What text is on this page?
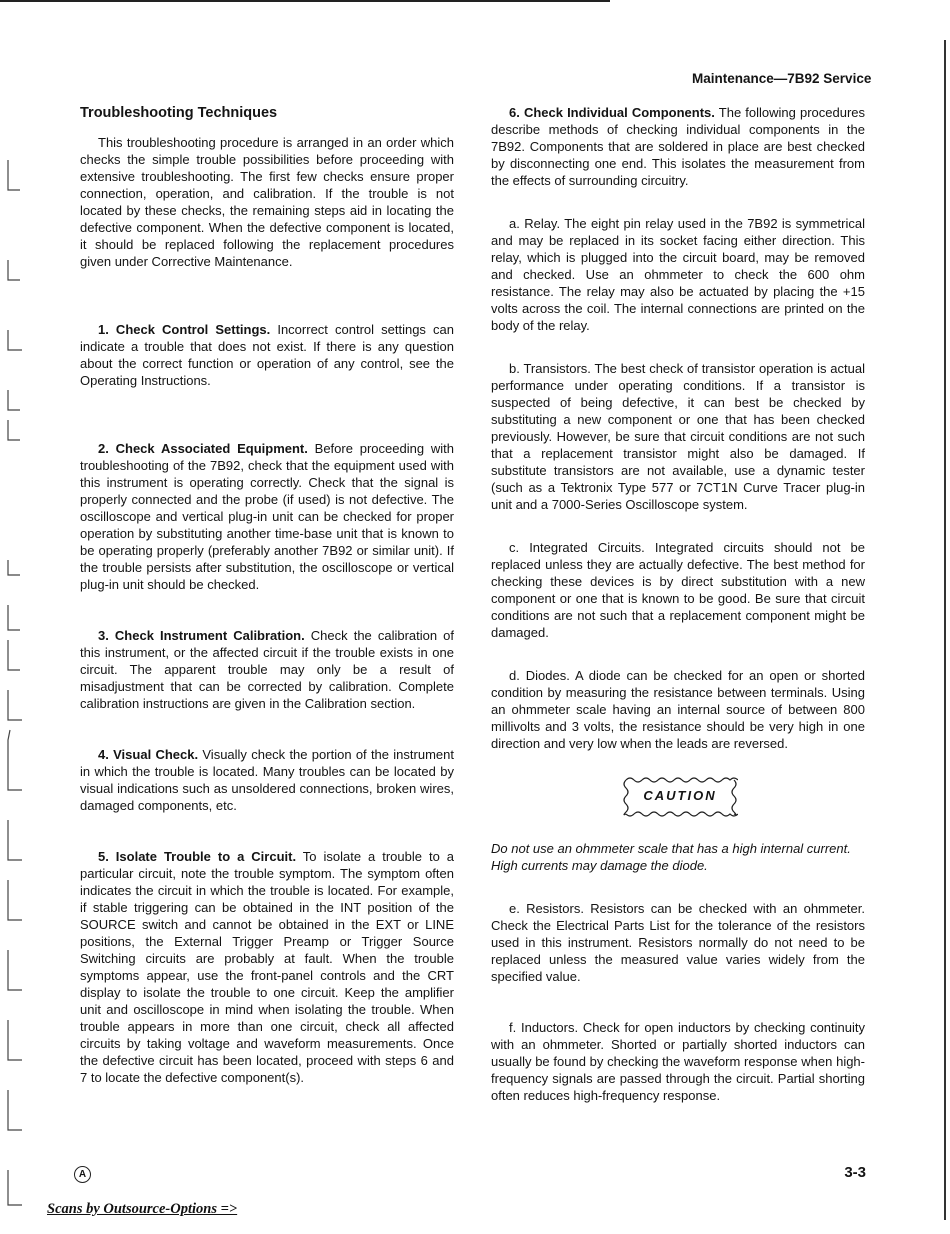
Maintenance—7B92 Service
Troubleshooting Techniques

This troubleshooting procedure is arranged in an order which checks the simple trouble possibilities before proceeding with extensive troubleshooting. The first few checks ensure proper connection, operation, and calibration. If the trouble is not located by these checks, the remaining steps aid in locating the defective component. When the defective component is located, it should be replaced following the replacement procedures given under Corrective Maintenance.

1. Check Control Settings. Incorrect control settings can indicate a trouble that does not exist. If there is any question about the correct function or operation of any control, see the Operating Instructions.

2. Check Associated Equipment. Before proceeding with troubleshooting of the 7B92, check that the equipment used with this instrument is operating correctly. Check that the signal is properly connected and the probe (if used) is not defective. The oscilloscope and vertical plug-in unit can be checked for proper operation by substituting another time-base unit that is known to be operating properly (preferably another 7B92 or similar unit). If the trouble persists after substitution, the oscilloscope or vertical plug-in unit should be checked.

3. Check Instrument Calibration. Check the calibration of this instrument, or the affected circuit if the trouble exists in one circuit. The apparent trouble may only be a result of misadjustment that can be corrected by calibration. Complete calibration instructions are given in the Calibration section.

4. Visual Check. Visually check the portion of the instrument in which the trouble is located. Many troubles can be located by visual indications such as unsoldered connections, broken wires, damaged components, etc.

5. Isolate Trouble to a Circuit. To isolate a trouble to a particular circuit, note the trouble symptom. The symptom often indicates the circuit in which the trouble is located. For example, if stable triggering can be obtained in the INT position of the SOURCE switch and cannot be obtained in the EXT or LINE positions, the External Trigger Preamp or Trigger Source Switching circuits are probably at fault. When the trouble symptoms appear, use the front-panel controls and the CRT display to isolate the trouble to one circuit. Keep the amplifier unit and oscilloscope in mind when isolating the trouble. When trouble appears in more than one circuit, check all affected circuits by taking voltage and waveform measurements. Once the defective circuit has been located, proceed with steps 6 and 7 to locate the defective component(s).

6. Check Individual Components. The following procedures describe methods of checking individual components in the 7B92. Components that are soldered in place are best checked by disconnecting one end. This isolates the measurement from the effects of surrounding circuitry.

a. Relay. The eight pin relay used in the 7B92 is symmetrical and may be replaced in its socket facing either direction. This relay, which is plugged into the circuit board, may be removed and checked. Use an ohmmeter to check the 600 ohm resistance. The relay may also be actuated by placing the +15 volts across the coil. The internal connections are printed on the body of the relay.

b. Transistors. The best check of transistor operation is actual performance under operating conditions. If a transistor is suspected of being defective, it can best be checked by substituting a new component or one that has been checked previously. However, be sure that circuit conditions are not such that a replacement transistor might also be damaged. If substitute transistors are not available, use a dynamic tester (such as a Tektronix Type 577 or 7CT1N Curve Tracer plug-in unit and a 7000-Series Oscilloscope system.

c. Integrated Circuits. Integrated circuits should not be replaced unless they are actually defective. The best method for checking these devices is by direct substitution with a new component or one that is known to be good. Be sure that circuit conditions are not such that a replacement component might be damaged.

d. Diodes. A diode can be checked for an open or shorted condition by measuring the resistance between terminals. Using an ohmmeter scale having an internal source of between 800 millivolts and 3 volts, the resistance should be very high in one direction and very low when the leads are reversed.

CAUTION

Do not use an ohmmeter scale that has a high internal current. High currents may damage the diode.

e. Resistors. Resistors can be checked with an ohmmeter. Check the Electrical Parts List for the tolerance of the resistors used in this instrument. Resistors normally do not need to be replaced unless the measured value varies widely from the specified value.

f. Inductors. Check for open inductors by checking continuity with an ohmmeter. Shorted or partially shorted inductors can usually be found by checking the waveform response when high-frequency signals are passed through the circuit. Partial shorting often reduces high-frequency response.

A	3-3
Scans by Outsource-Options =>
